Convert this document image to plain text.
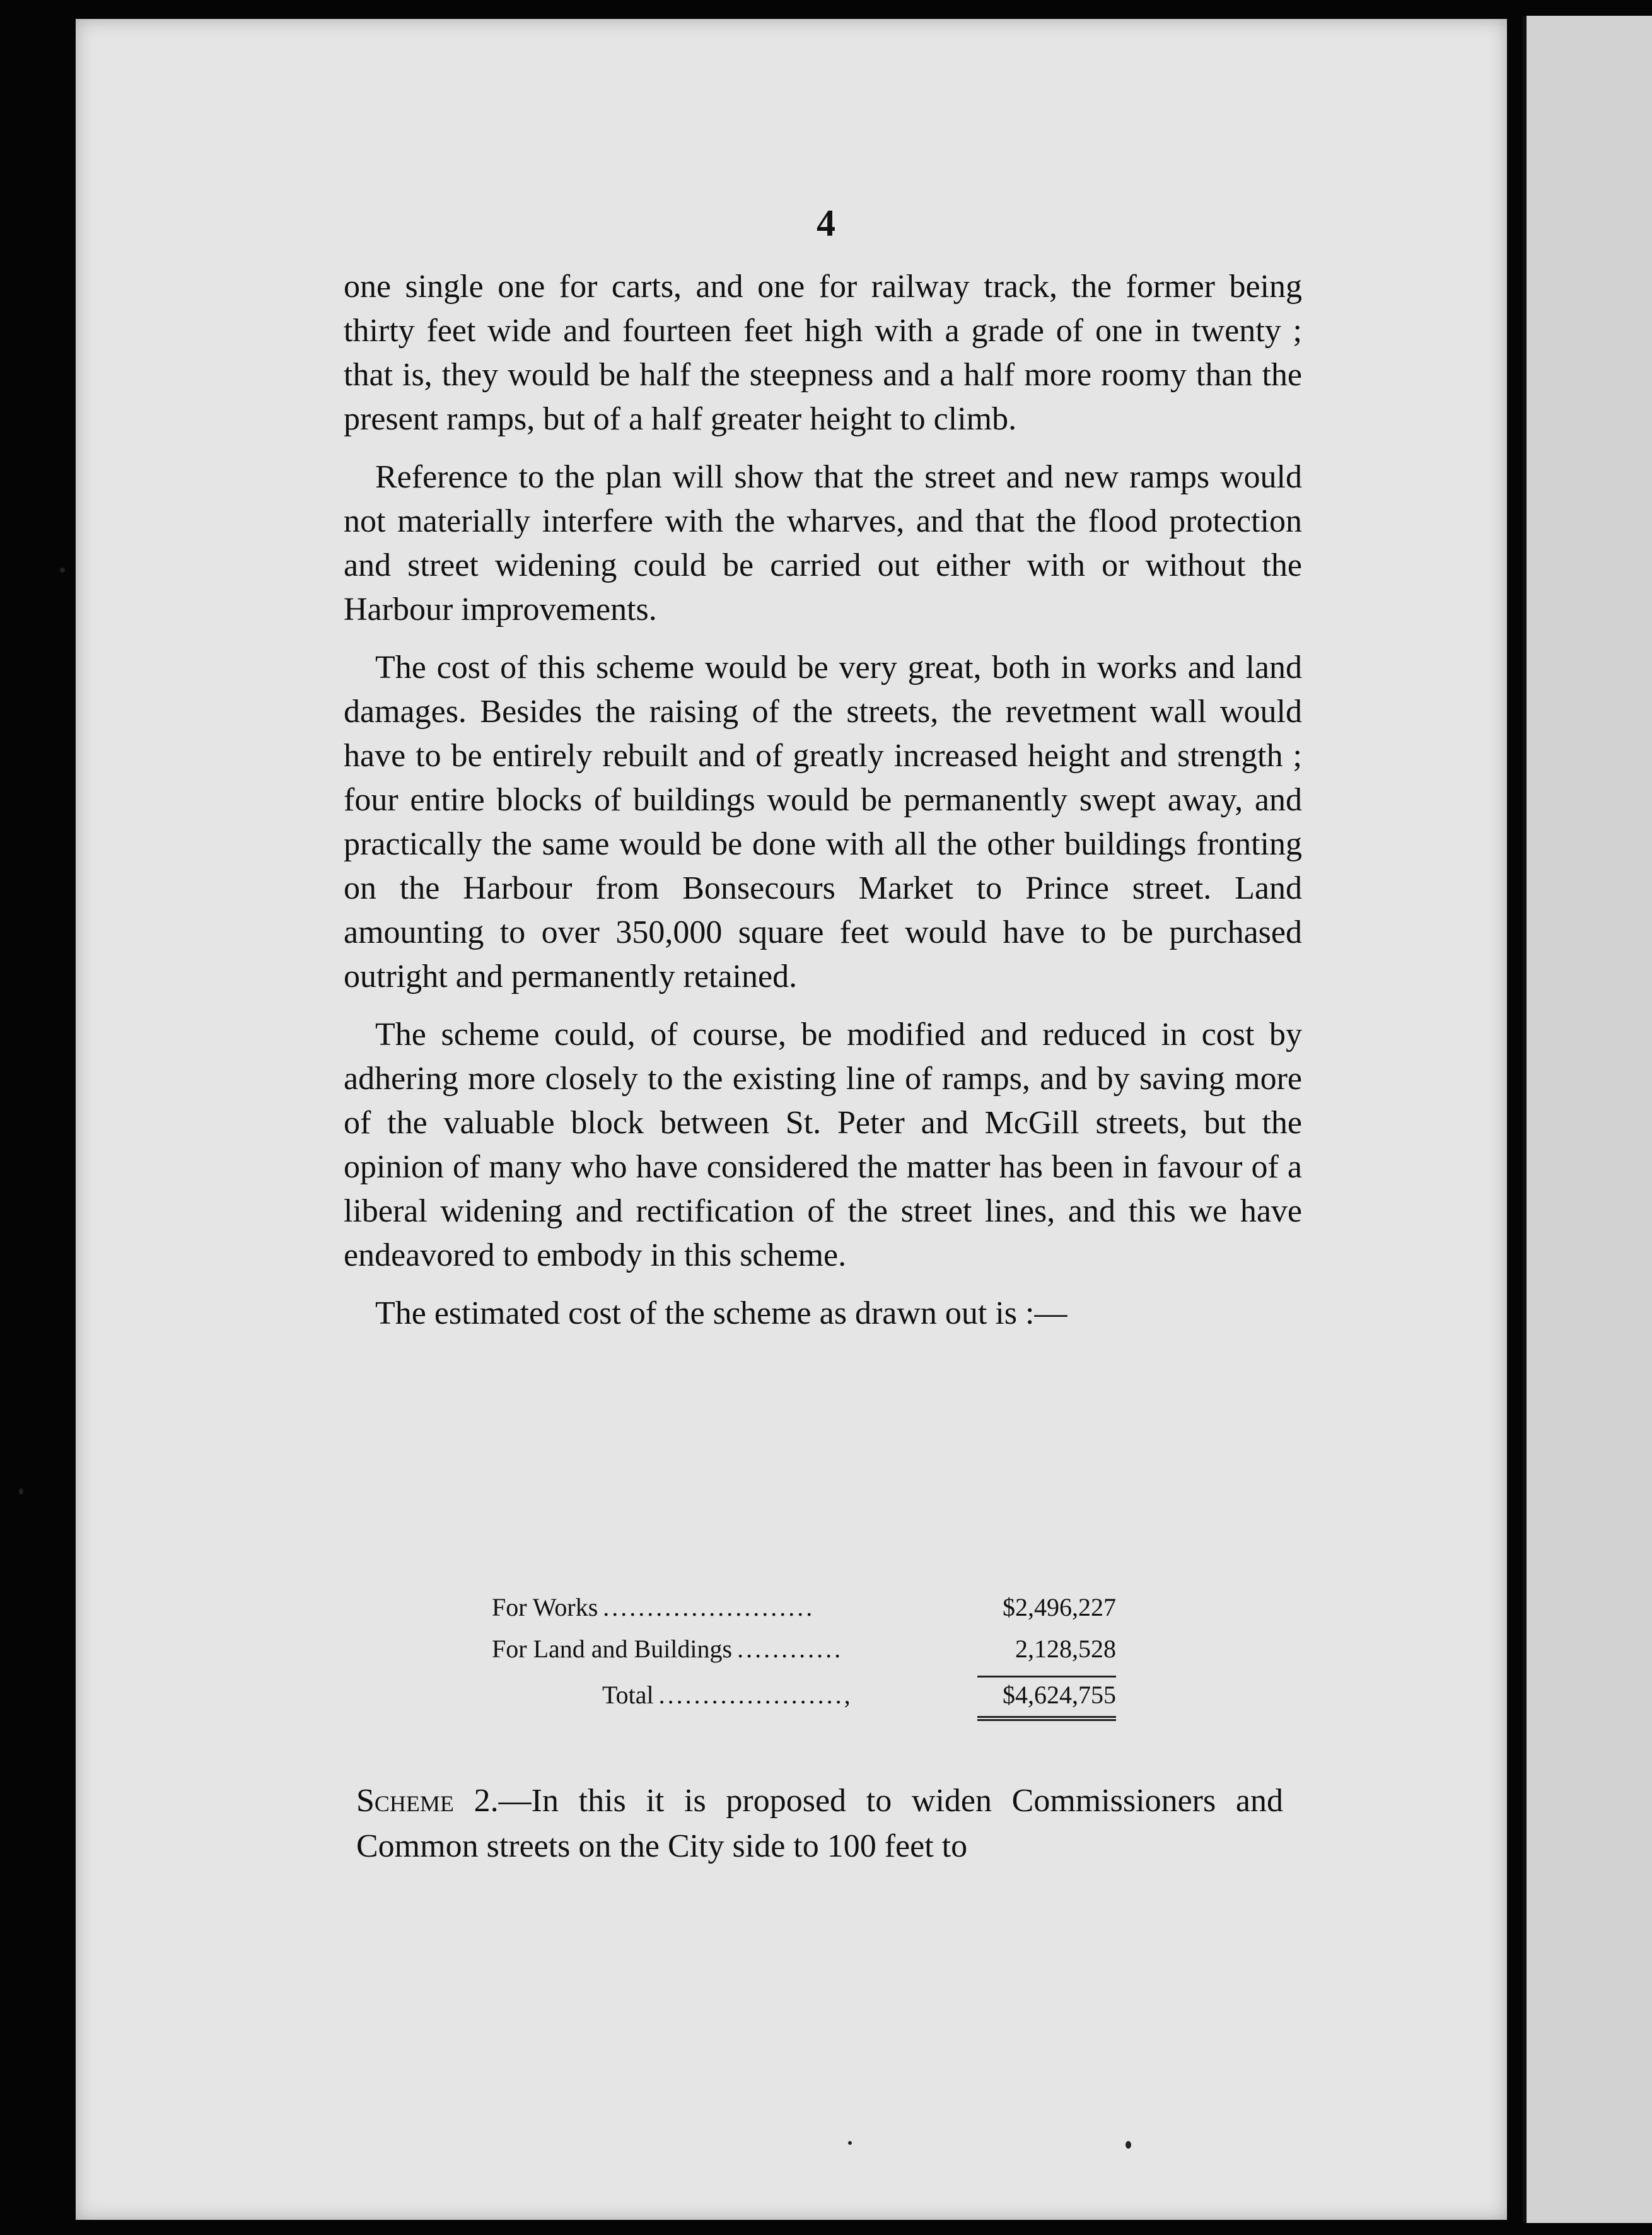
4

one single one for carts, and one for railway track, the former being thirty feet wide and fourteen feet high with a grade of one in twenty ; that is, they would be half the steepness and a half more roomy than the present ramps, but of a half greater height to climb.

Reference to the plan will show that the street and new ramps would not materially interfere with the wharves, and that the flood protection and street widening could be carried out either with or without the Harbour improvements.

The cost of this scheme would be very great, both in works and land damages. Besides the raising of the streets, the revetment wall would have to be entirely rebuilt and of greatly increased height and strength ; four entire blocks of buildings would be permanently swept away, and practically the same would be done with all the other buildings fronting on the Harbour from Bonsecours Market to Prince street. Land amounting to over 350,000 square feet would have to be purchased outright and permanently retained.

The scheme could, of course, be modified and reduced in cost by adhering more closely to the existing line of ramps, and by saving more of the valuable block between St. Peter and McGill streets, but the opinion of many who have considered the matter has been in favour of a liberal widening and rectification of the street lines, and this we have endeavored to embody in this scheme.

The estimated cost of the scheme as drawn out is :—

For Works ........................	$2,496,227
For Land and Buildings ............	2,128,528
Total .....................,	$4,624,755
Scheme 2.—In this it is proposed to widen Commissioners and Common streets on the City side to 100 feet to
